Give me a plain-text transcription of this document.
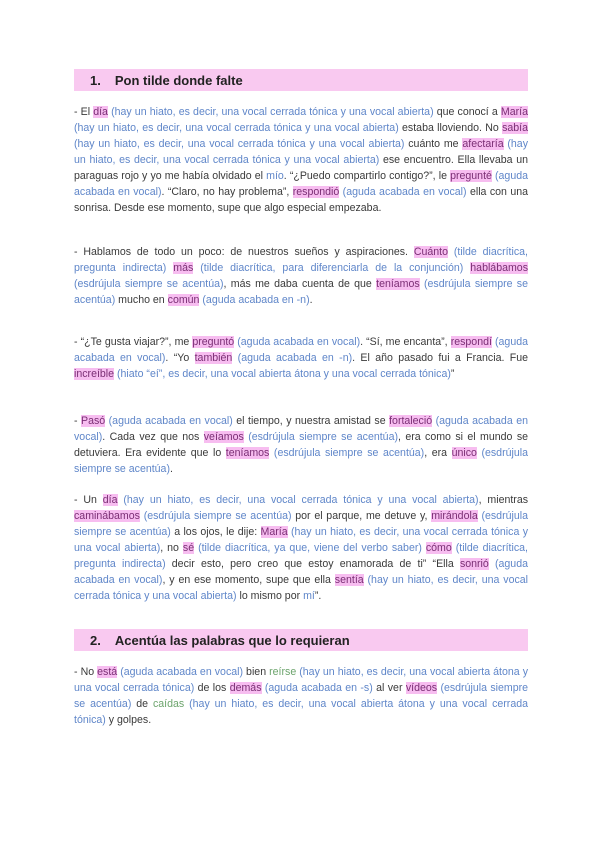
1. Pon tilde donde falte
- El día (hay un hiato, es decir, una vocal cerrada tónica y una vocal abierta) que conocí a María (hay un hiato, es decir, una vocal cerrada tónica y una vocal abierta) estaba lloviendo. No sabía (hay un hiato, es decir, una vocal cerrada tónica y una vocal abierta) cuánto me afectaría (hay un hiato, es decir, una vocal cerrada tónica y una vocal abierta) ese encuentro. Ella llevaba un paraguas rojo y yo me había olvidado el mío. “¿Puedo compartirlo contigo?”, le pregunté (aguda acabada en vocal). “Claro, no hay problema”, respondió (aguda acabada en vocal) ella con una sonrisa. Desde ese momento, supe que algo especial empezaba.
- Hablamos de todo un poco: de nuestros sueños y aspiraciones. Cuánto (tilde diacrítica, pregunta indirecta) más (tilde diacrítica, para diferenciarla de la conjunción) hablábamos (esdrújula siempre se acentúa), más me daba cuenta de que teníamos (esdrújula siempre se acentúa) mucho en común (aguda acabada en -n).
- “¿Te gusta viajar?”, me preguntó (aguda acabada en vocal). “Sí, me encanta”, respondí (aguda acabada en vocal). “Yo también (aguda acabada en -n). El año pasado fui a Francia. Fue increíble (hiato “eí”, es decir, una vocal abierta átona y una vocal cerrada tónica)”
- Pasó (aguda acabada en vocal) el tiempo, y nuestra amistad se fortaleció (aguda acabada en vocal). Cada vez que nos veíamos (esdrújula siempre se acentúa), era como si el mundo se detuviera. Era evidente que lo teníamos (esdrújula siempre se acentúa), era único (esdrújula siempre se acentúa).
- Un día (hay un hiato, es decir, una vocal cerrada tónica y una vocal abierta), mientras caminábamos (esdrújula siempre se acentúa) por el parque, me detuve y, mirándola (esdrújula siempre se acentúa) a los ojos, le dije: María (hay un hiato, es decir, una vocal cerrada tónica y una vocal abierta), no sé (tilde diacrítica, ya que, viene del verbo saber) cómo (tilde diacrítica, pregunta indirecta) decir esto, pero creo que estoy enamorada de ti” “Ella sonrió (aguda acabada en vocal), y en ese momento, supe que ella sentía (hay un hiato, es decir, una vocal cerrada tónica y una vocal abierta) lo mismo por mí”.
2. Acentúa las palabras que lo requieran
- No está (aguda acabada en vocal) bien reírse (hay un hiato, es decir, una vocal abierta átona y una vocal cerrada tónica) de los demás (aguda acabada en -s) al ver vídeos (esdrújula siempre se acentúa) de caídas (hay un hiato, es decir, una vocal abierta átona y una vocal cerrada tónica) y golpes.
